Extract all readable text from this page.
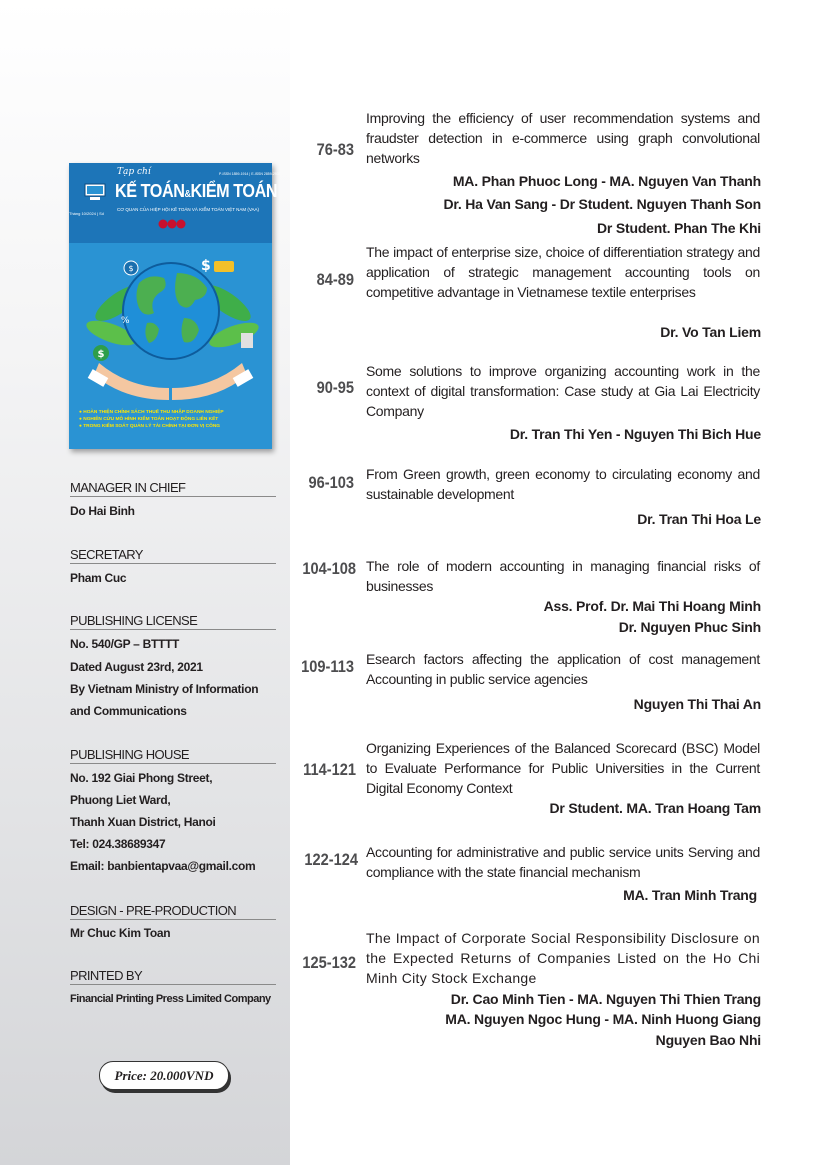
Tạp chí	P-ISSN 1859-1914 | E-ISSN 2859-2937
KẾ TOÁN&KIỂM TOÁN
CƠ QUAN CỦA HIỆP HỘI KẾ TOÁN VÀ KIỂM TOÁN VIỆT NAM (VAA)
Tháng 10/2024 | Số
$	$
$
%
● HOÀN THIỆN CHÍNH SÁCH THUẾ THU NHẬP DOANH NGHIỆP
● NGHIÊN CỨU MÔ HÌNH KIỂM TOÁN HOẠT ĐỘNG LIÊN KẾT
● TRONG KIỂM SOÁT QUẢN LÝ TÀI CHÍNH TẠI ĐƠN VỊ CÔNG
MANAGER IN CHIEF
Do Hai Binh
SECRETARY
Pham Cuc
PUBLISHING LICENSE
No. 540/GP – BTTTT
Dated August 23rd, 2021
By Vietnam Ministry of Information
and Communications
PUBLISHING HOUSE
No. 192 Giai Phong Street,
Phuong Liet Ward,
Thanh Xuan District, Hanoi
Tel: 024.38689347
Email: banbientapvaa@gmail.com
DESIGN - PRE-PRODUCTION
Mr Chuc Kim Toan
PRINTED BY
Financial Printing Press Limited Company
Price: 20.000VND
76-83
Improving the efficiency of user recommendation systems and fraudster detection in e-commerce using graph convolutional networks
MA. Phan Phuoc Long - MA. Nguyen Van Thanh
Dr. Ha Van Sang - Dr Student. Nguyen Thanh Son
Dr Student. Phan The Khi
84-89
The impact of enterprise size, choice of differentiation strategy and application of strategic management accounting tools on competitive advantage in Vietnamese textile enterprises
Dr. Vo Tan Liem
90-95
Some solutions to improve organizing accounting work in the context of digital transformation: Case study at Gia Lai Electricity Company
Dr. Tran Thi Yen - Nguyen Thi Bich Hue
96-103 From Green growth, green economy to circulating economy and sustainable development
Dr. Tran Thi Hoa Le
104-108 The role of modern accounting in managing financial risks of businesses
Ass. Prof. Dr. Mai Thi Hoang Minh
Dr. Nguyen Phuc Sinh
109-113 Esearch factors affecting the application of cost management Accounting in public service agencies
Nguyen Thi Thai An
114-121
Organizing Experiences of the Balanced Scorecard (BSC) Model to Evaluate Performance for Public Universities in the Current Digital Economy Context
Dr Student. MA. Tran Hoang Tam
122-124 Accounting for administrative and public service units Serving and compliance with the state financial mechanism
MA. Tran Minh Trang
125-132
The Impact of Corporate Social Responsibility Disclosure on the Expected Returns of Companies Listed on the Ho Chi Minh City Stock Exchange
Dr. Cao Minh Tien - MA. Nguyen Thi Thien Trang
MA. Nguyen Ngoc Hung - MA. Ninh Huong Giang
Nguyen Bao Nhi
